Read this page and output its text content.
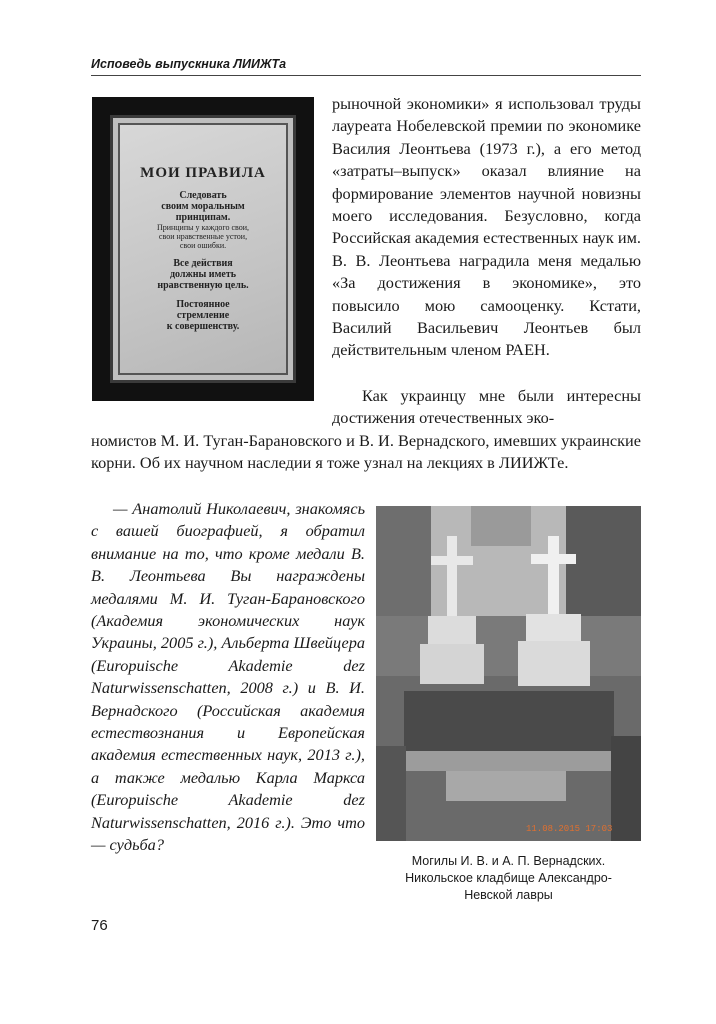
Исповедь выпускника ЛИИЖТа
МОИ ПРАВИЛА
Следовать
своим моральным
принципам.
Принципы у каждого свои,
свои нравственные устои,
свои ошибки.
Все действия
должны иметь
нравственную цель.
Постоянное
стремление
к совершенству.

рыночной экономики» я использовал труды лауреата Нобелевской премии по экономике Василия Леонтьева (1973 г.), а его метод «затраты–выпуск» оказал влияние на формирование элементов научной новизны моего исследования. Безусловно, когда Российская академия естественных наук им. В. В. Леонтьева наградила меня медалью «За достижения в экономике», это повысило мою самооценку. Кстати, Василий Васильевич Леонтьев был действительным членом РАЕН.

Как украинцу мне были интересны достижения отечественных эко-

номистов М. И. Туган-Барановского и В. И. Вернадского, имевших украинские корни. Об их научном наследии я тоже узнал на лекциях в ЛИИЖТе.

— Анатолий Николаевич, знакомясь с вашей биографией, я обратил внимание на то, что кроме медали В. В. Леонтьева Вы награждены медалями М. И. Туган-Барановского (Академия экономических наук Украины, 2005 г.), Альберта Швейцера (Europuische Akademie dez Naturwissenschatten, 2008 г.) и В. И. Вернадского (Российская академия естествознания и Европейская академия естественных наук, 2013 г.), а также медалью Карла Маркса (Europuische Akademie dez Naturwissenschatten, 2016 г.). Это что — судьба?

11.08.2015 17:03
Могилы И. В. и А. П. Вернадских.
Никольское кладбище Александро-
Невской лавры
76
